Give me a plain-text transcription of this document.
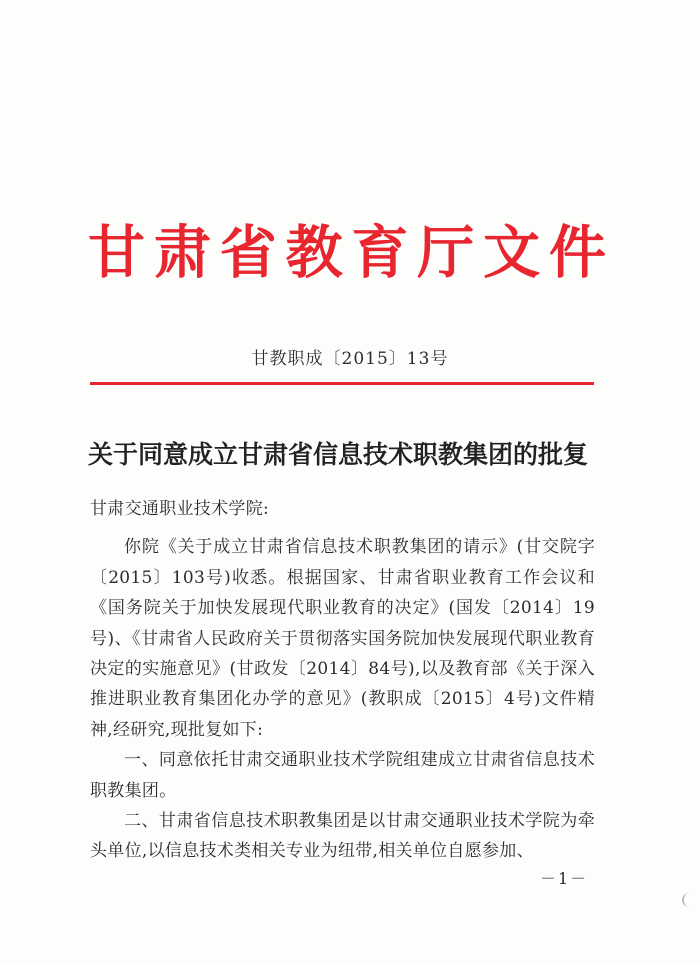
甘肃省教育厅文件
甘教职成〔2015〕13号
关于同意成立甘肃省信息技术职教集团的批复

甘肃交通职业技术学院:

你院《关于成立甘肃省信息技术职教集团的请示》(甘交院字〔2015〕103号)收悉。根据国家、甘肃省职业教育工作会议和《国务院关于加快发展现代职业教育的决定》(国发〔2014〕19号)、《甘肃省人民政府关于贯彻落实国务院加快发展现代职业教育决定的实施意见》(甘政发〔2014〕84号),以及教育部《关于深入推进职业教育集团化办学的意见》(教职成〔2015〕4号)文件精神,经研究,现批复如下:

一、同意依托甘肃交通职业技术学院组建成立甘肃省信息技术职教集团。

二、甘肃省信息技术职教集团是以甘肃交通职业技术学院为牵头单位,以信息技术类相关专业为纽带,相关单位自愿参加、

－1－
